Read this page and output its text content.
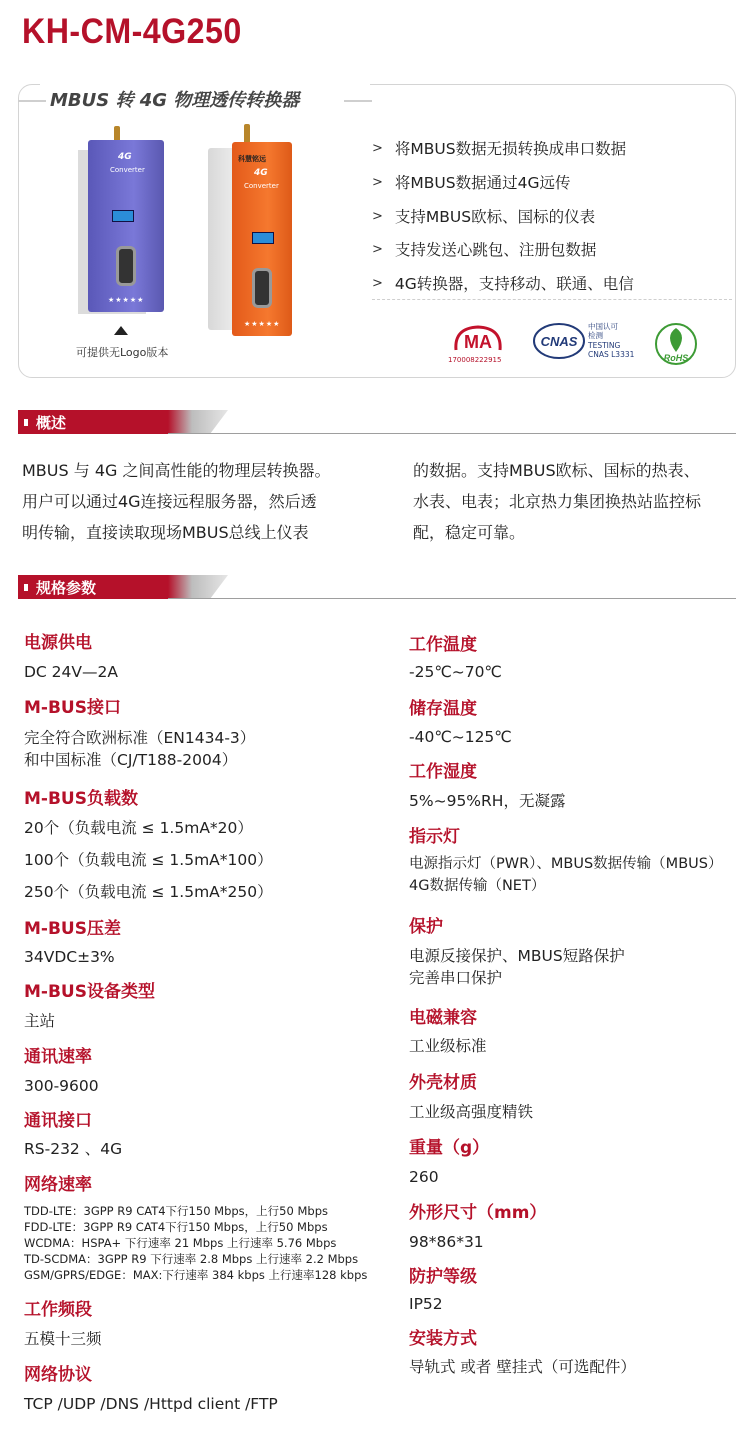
KH-CM-4G250
MBUS 转 4G 物理透传转换器
4G
Converter
★★★★★
科慧铭远
4G
Converter
★★★★★
可提供无Logo版本
> 将MBUS数据无损转换成串口数据
> 将MBUS数据通过4G远传
> 支持MBUS欧标、国标的仪表
> 支持发送心跳包、注册包数据
> 4G转换器，支持移动、联通、电信
MA
170008222915
CNAS
中国认可
检测
TESTING
CNAS L3331	RoHS
概述
MBUS 与 4G 之间高性能的物理层转换器。
用户可以通过4G连接远程服务器，然后透
明传输，直接读取现场MBUS总线上仪表
的数据。支持MBUS欧标、国标的热表、
水表、电表；北京热力集团换热站监控标
配，稳定可靠。
规格参数
电源供电
DC 24V—2A
M-BUS接口
完全符合欧洲标准（EN1434-3）
和中国标准（CJ/T188-2004）
M-BUS负载数
20个（负载电流 ≤ 1.5mA*20）
100个（负载电流 ≤ 1.5mA*100）
250个（负载电流 ≤ 1.5mA*250）
M-BUS压差
34VDC±3%
M-BUS设备类型
主站
通讯速率
300-9600
通讯接口
RS-232 、4G
网络速率
TDD-LTE：3GPP R9 CAT4下行150 Mbps，上行50 Mbps
FDD-LTE：3GPP R9 CAT4下行150 Mbps，上行50 Mbps
WCDMA：HSPA+ 下行速率 21 Mbps 上行速率 5.76 Mbps
TD-SCDMA：3GPP R9 下行速率 2.8 Mbps 上行速率 2.2 Mbps
GSM/GPRS/EDGE：MAX:下行速率 384 kbps 上行速率128 kbps
工作频段
五模十三频
网络协议
TCP /UDP /DNS /Httpd client /FTP
工作温度
-25℃~70℃
储存温度
-40℃~125℃
工作湿度
5%~95%RH，无凝露
指示灯
电源指示灯（PWR）、MBUS数据传输（MBUS）
4G数据传输（NET）
保护
电源反接保护、MBUS短路保护
完善串口保护
电磁兼容
工业级标准
外壳材质
工业级高强度精铁
重量（g）
260
外形尺寸（mm）
98*86*31
防护等级
IP52
安装方式
导轨式 或者 壁挂式（可选配件）
